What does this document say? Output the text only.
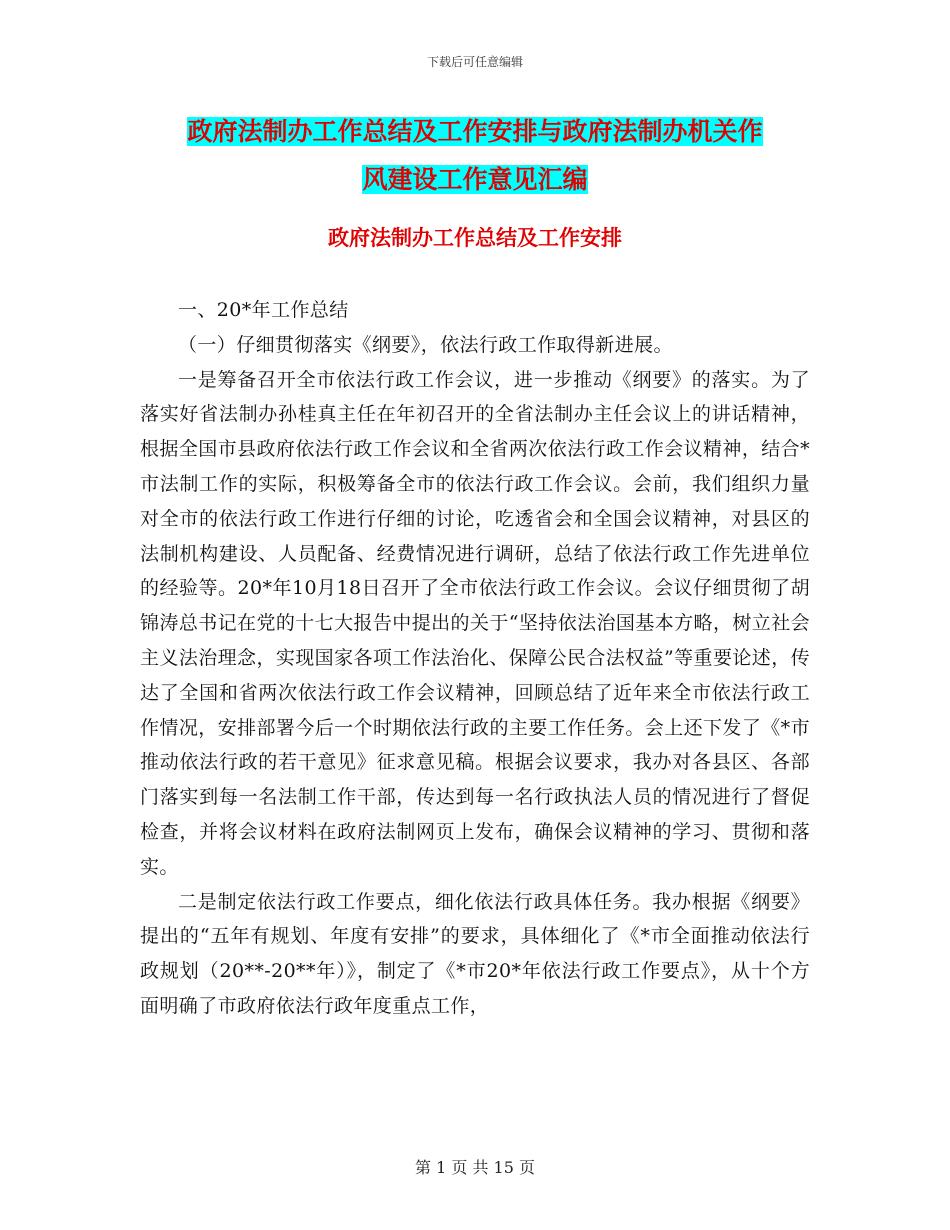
下载后可任意编辑
政府法制办工作总结及工作安排与政府法制办机关作
风建设工作意见汇编
政府法制办工作总结及工作安排

一、20*年工作总结

（一）仔细贯彻落实《纲要》，依法行政工作取得新进展。

一是筹备召开全市依法行政工作会议，进一步推动《纲要》的落实。为了落实好省法制办孙桂真主任在年初召开的全省法制办主任会议上的讲话精神，根据全国市县政府依法行政工作会议和全省两次依法行政工作会议精神，结合*市法制工作的实际，积极筹备全市的依法行政工作会议。会前，我们组织力量对全市的依法行政工作进行仔细的讨论，吃透省会和全国会议精神，对县区的法制机构建设、人员配备、经费情况进行调研，总结了依法行政工作先进单位的经验等。20*年10月18日召开了全市依法行政工作会议。会议仔细贯彻了胡锦涛总书记在党的十七大报告中提出的关于“坚持依法治国基本方略，树立社会主义法治理念，实现国家各项工作法治化、保障公民合法权益”等重要论述，传达了全国和省两次依法行政工作会议精神，回顾总结了近年来全市依法行政工作情况，安排部署今后一个时期依法行政的主要工作任务。会上还下发了《*市推动依法行政的若干意见》征求意见稿。根据会议要求，我办对各县区、各部门落实到每一名法制工作干部，传达到每一名行政执法人员的情况进行了督促检查，并将会议材料在政府法制网页上发布，确保会议精神的学习、贯彻和落实。

二是制定依法行政工作要点，细化依法行政具体任务。我办根据《纲要》提出的“五年有规划、年度有安排”的要求，具体细化了《*市全面推动依法行政规划（20**-20**年）》，制定了《*市20*年依法行政工作要点》，从十个方面明确了市政府依法行政年度重点工作，

第 1 页 共 15 页
